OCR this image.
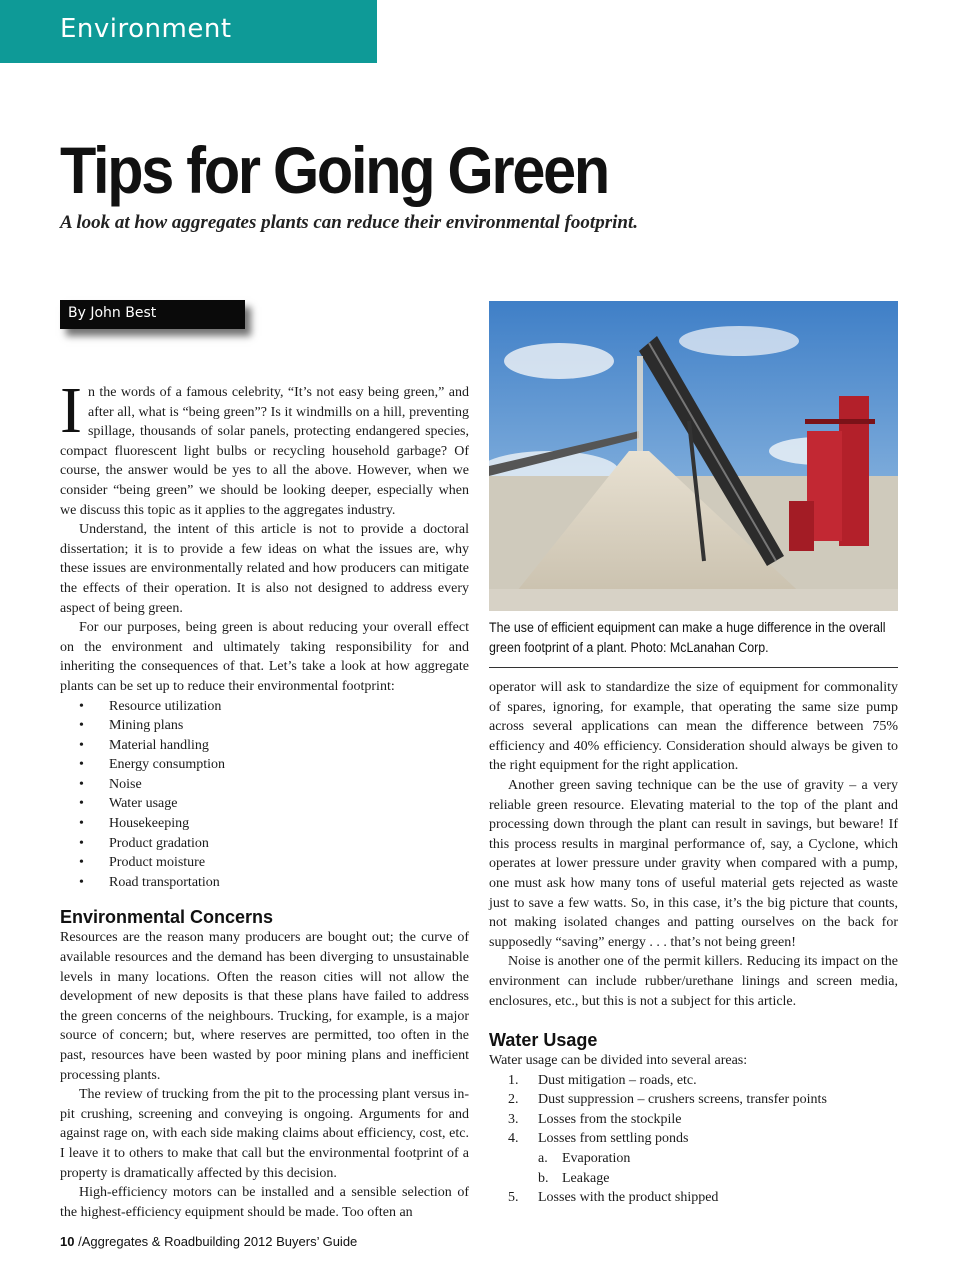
Environment
Tips for Going Green
A look at how aggregates plants can reduce their environmental footprint.
By John Best

In the words of a famous celebrity, “It’s not easy being green,” and after all, what is “being green”? Is it windmills on a hill, preventing spillage, thousands of solar panels, protecting endangered species, compact fluorescent light bulbs or recycling household garbage? Of course, the answer would be yes to all the above. However, when we consider “being green” we should be looking deeper, especially when we discuss this topic as it applies to the aggregates industry.

Understand, the intent of this article is not to provide a doctoral dissertation; it is to provide a few ideas on what the issues are, why these issues are environmentally related and how producers can mitigate the effects of their operation. It is also not designed to address every aspect of being green.

For our purposes, being green is about reducing your overall effect on the environment and ultimately taking responsibility for and inheriting the consequences of that. Let’s take a look at how aggregate plants can be set up to reduce their environmental footprint:

• Resource utilization
• Mining plans
• Material handling
• Energy consumption
• Noise
• Water usage
• Housekeeping
• Product gradation
• Product moisture
• Road transportation
Environmental Concerns

Resources are the reason many producers are bought out; the curve of available resources and the demand has been diverging to unsustainable levels in many locations. Often the reason cities will not allow the development of new deposits is that these plans have failed to address the green concerns of the neighbours. Trucking, for example, is a major source of concern; but, where reserves are permitted, too often in the past, resources have been wasted by poor mining plans and inefficient processing plants.

The review of trucking from the pit to the processing plant versus in-pit crushing, screening and conveying is ongoing. Arguments for and against rage on, with each side making claims about efficiency, cost, etc. I leave it to others to make that call but the environmental footprint of a property is dramatically affected by this decision.

High-efficiency motors can be installed and a sensible selection of the highest-efficiency equipment should be made. Too often an

The use of efficient equipment can make a huge difference in the overall green footprint of a plant. Photo: McLanahan Corp.

operator will ask to standardize the size of equipment for commonality of spares, ignoring, for example, that operating the same size pump across several applications can mean the difference between 75% efficiency and 40% efficiency. Consideration should always be given to the right equipment for the right application.

Another green saving technique can be the use of gravity – a very reliable green resource. Elevating material to the top of the plant and processing down through the plant can result in savings, but beware! If this process results in marginal performance of, say, a Cyclone, which operates at lower pressure under gravity when compared with a pump, one must ask how many tons of useful material gets rejected as waste just to save a few watts. So, in this case, it’s the big picture that counts, not making isolated changes and patting ourselves on the back for supposedly “saving” energy . . . that’s not being green!

Noise is another one of the permit killers. Reducing its impact on the environment can include rubber/urethane linings and screen media, enclosures, etc., but this is not a subject for this article.

Water Usage

Water usage can be divided into several areas:

1. Dust mitigation – roads, etc.
2. Dust suppression – crushers screens, transfer points
3. Losses from the stockpile
4. Losses from settling ponds
a. Evaporation
b. Leakage
5. Losses with the product shipped
10 /Aggregates & Roadbuilding 2012 Buyers’ Guide
